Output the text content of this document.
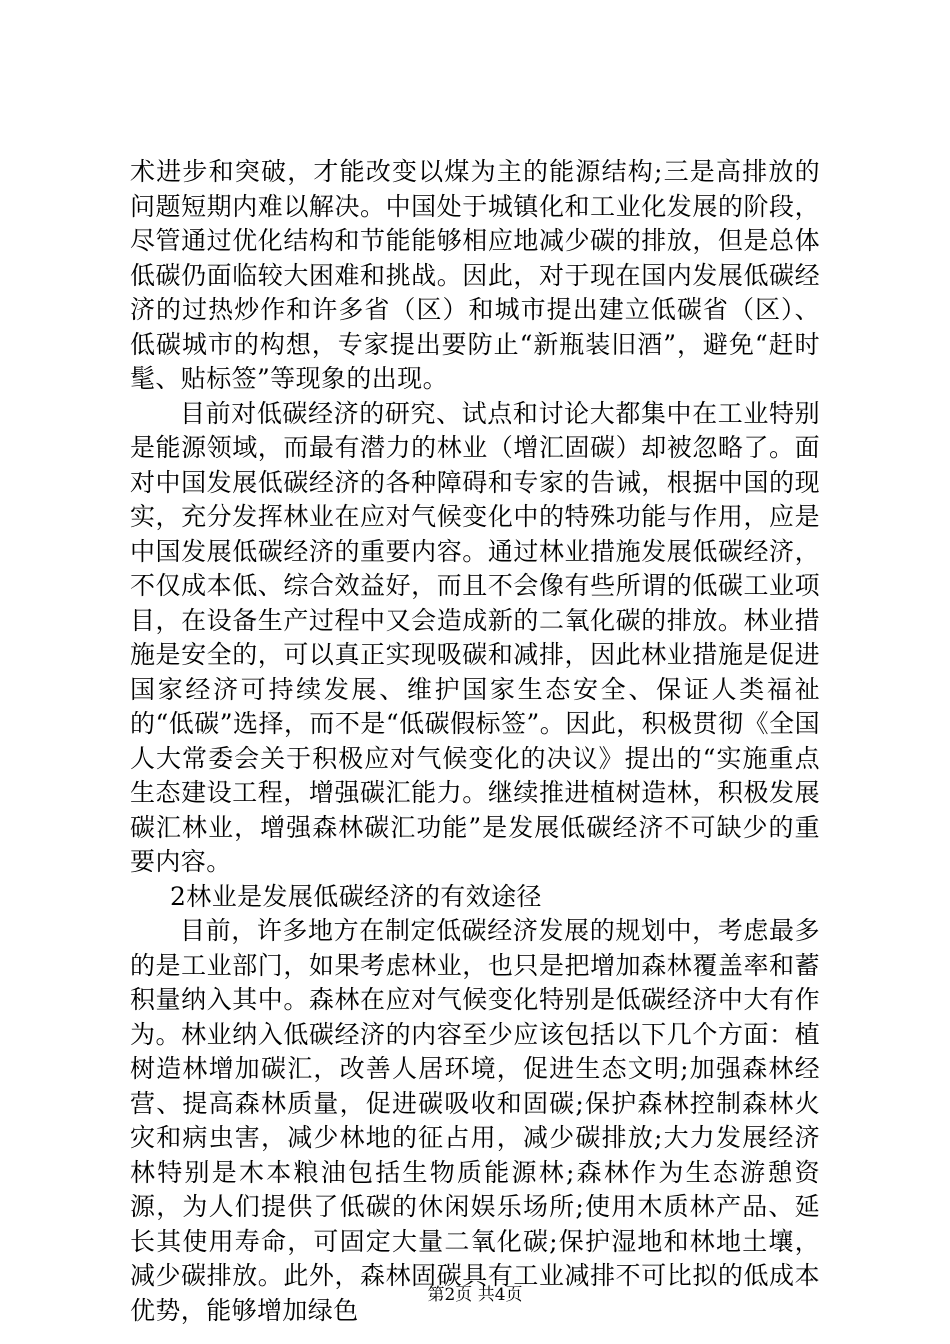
术进步和突破，才能改变以煤为主的能源结构;三是高排放的问题短期内难以解决。中国处于城镇化和工业化发展的阶段，尽管通过优化结构和节能能够相应地减少碳的排放，但是总体低碳仍面临较大困难和挑战。因此，对于现在国内发展低碳经济的过热炒作和许多省（区）和城市提出建立低碳省（区）、低碳城市的构想，专家提出要防止“新瓶装旧酒”，避免“赶时髦、贴标签”等现象的出现。

目前对低碳经济的研究、试点和讨论大都集中在工业特别是能源领域，而最有潜力的林业（增汇固碳）却被忽略了。面对中国发展低碳经济的各种障碍和专家的告诫，根据中国的现实，充分发挥林业在应对气候变化中的特殊功能与作用，应是中国发展低碳经济的重要内容。通过林业措施发展低碳经济，不仅成本低、综合效益好，而且不会像有些所谓的低碳工业项目，在设备生产过程中又会造成新的二氧化碳的排放。林业措施是安全的，可以真正实现吸碳和减排，因此林业措施是促进国家经济可持续发展、维护国家生态安全、保证人类福祉的“低碳”选择，而不是“低碳假标签”。因此，积极贯彻《全国人大常委会关于积极应对气候变化的决议》提出的“实施重点生态建设工程，增强碳汇能力。继续推进植树造林，积极发展碳汇林业，增强森林碳汇功能”是发展低碳经济不可缺少的重要内容。

2林业是发展低碳经济的有效途径

目前，许多地方在制定低碳经济发展的规划中，考虑最多的是工业部门，如果考虑林业，也只是把增加森林覆盖率和蓄积量纳入其中。森林在应对气候变化特别是低碳经济中大有作为。林业纳入低碳经济的内容至少应该包括以下几个方面：植树造林增加碳汇，改善人居环境，促进生态文明;加强森林经营、提高森林质量，促进碳吸收和固碳;保护森林控制森林火灾和病虫害，减少林地的征占用，减少碳排放;大力发展经济林特别是木本粮油包括生物质能源林;森林作为生态游憩资源，为人们提供了低碳的休闲娱乐场所;使用木质林产品、延长其使用寿命，可固定大量二氧化碳;保护湿地和林地土壤，减少碳排放。此外，森林固碳具有工业减排不可比拟的低成本优势，能够增加绿色

第2页 共4页
